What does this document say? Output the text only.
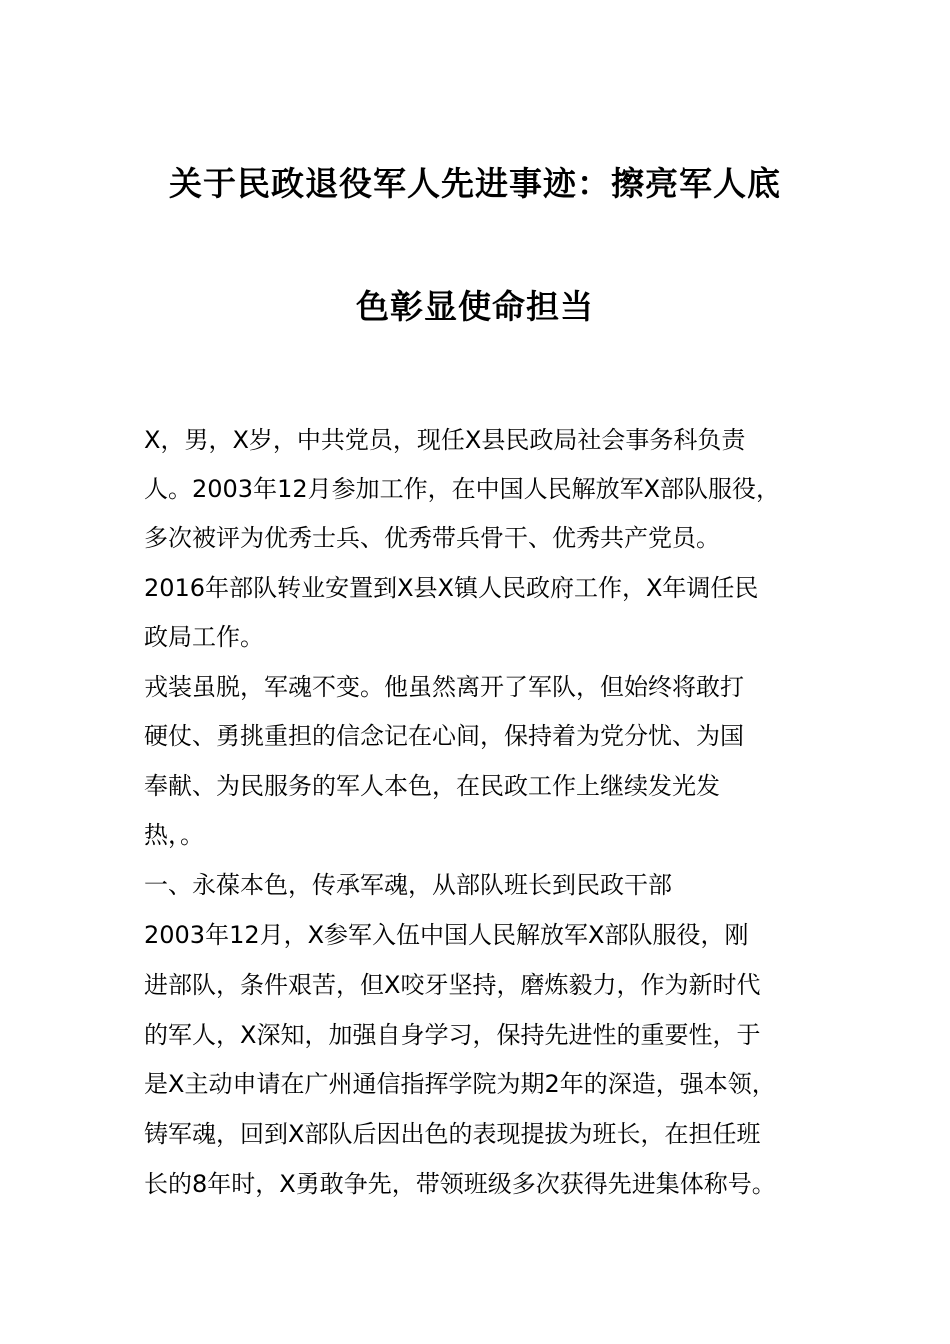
关于民政退役军人先进事迹：擦亮军人底
色彰显使命担当
X，男，X岁，中共党员，现任X县民政局社会事务科负责
人。2003年12月参加工作，在中国人民解放军X部队服役，
多次被评为优秀士兵、优秀带兵骨干、优秀共产党员。
2016年部队转业安置到X县X镇人民政府工作，X年调任民
政局工作。
戎装虽脱，军魂不变。他虽然离开了军队，但始终将敢打
硬仗、勇挑重担的信念记在心间，保持着为党分忧、为国
奉献、为民服务的军人本色，在民政工作上继续发光发
热，。
一、永葆本色，传承军魂，从部队班长到民政干部
2003年12月，X参军入伍中国人民解放军X部队服役，刚
进部队，条件艰苦，但X咬牙坚持，磨炼毅力，作为新时代
的军人，X深知，加强自身学习，保持先进性的重要性，于
是X主动申请在广州通信指挥学院为期2年的深造，强本领，
铸军魂，回到X部队后因出色的表现提拔为班长，在担任班
长的8年时，X勇敢争先，带领班级多次获得先进集体称号。
